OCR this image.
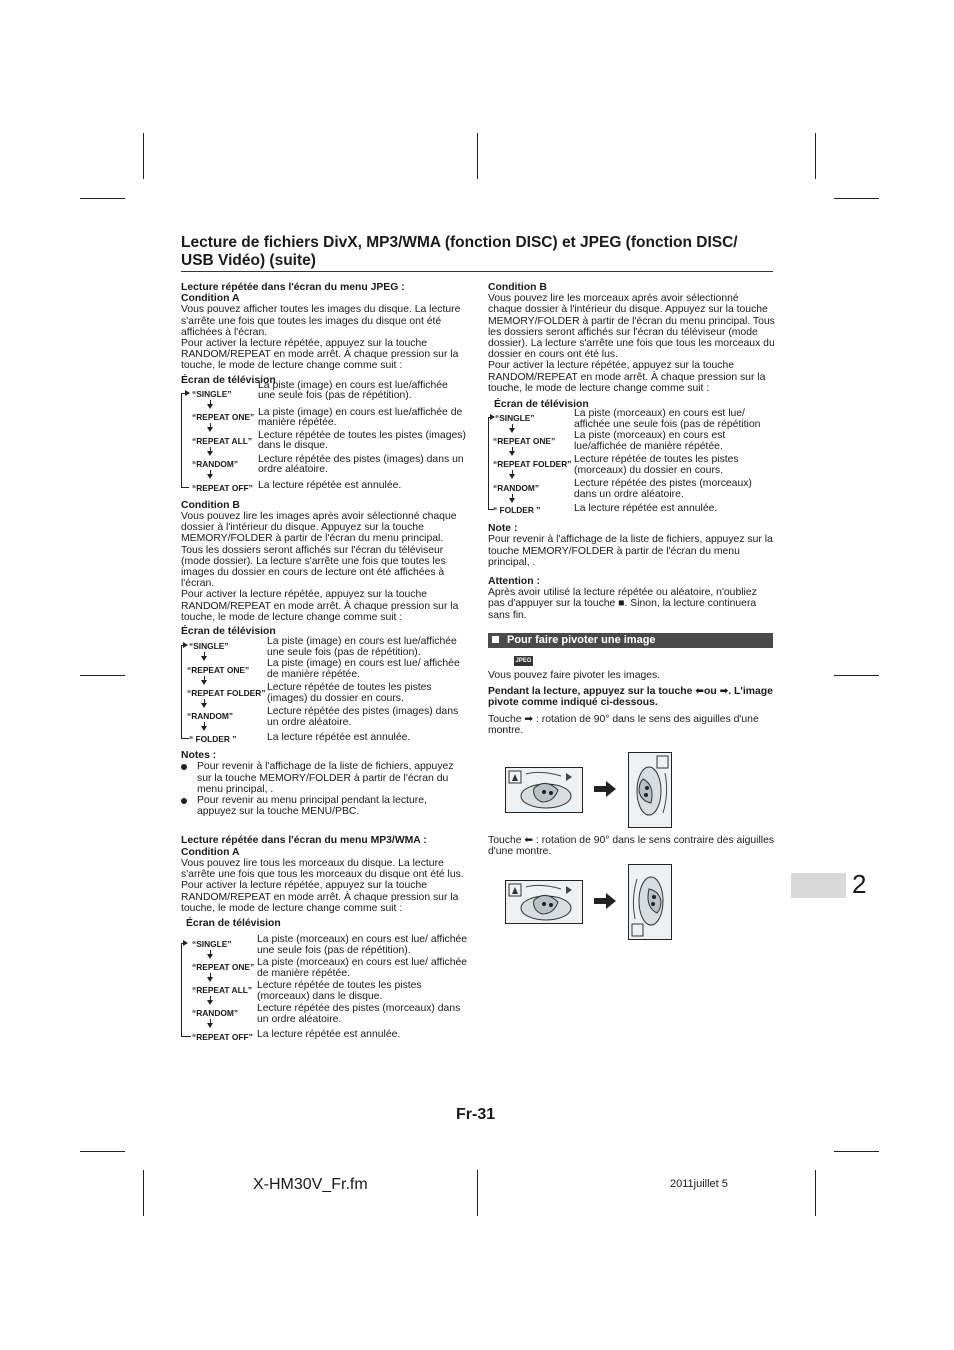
Lecture de fichiers DivX, MP3/WMA (fonction DISC) et JPEG (fonction DISC/ USB Vidéo) (suite)

Lecture répétée dans l'écran du menu JPEG :

Condition A

Vous pouvez afficher toutes les images du disque. La lecture s'arrête une fois que toutes les images du disque ont été affichées à l'écran.

Pour activer la lecture répétée, appuyez sur la touche RANDOM/REPEAT en mode arrêt. À chaque pression sur la touche, le mode de lecture change comme suit :

Écran de télévision

“SINGLE”
La piste (image) en cours est lue/affichée une seule fois (pas de répétition).
“REPEAT ONE” La piste (image) en cours est lue/affichée de manière répétée.
“REPEAT ALL” Lecture répétée de toutes les pistes (images) dans le disque.
“RANDOM” Lecture répétée des pistes (images) dans un ordre aléatoire.
“REPEAT OFF” La lecture répétée est annulée.

Condition B

Vous pouvez lire les images après avoir sélectionné chaque dossier à l'intérieur du disque. Appuyez sur la touche MEMORY/FOLDER à partir de l'écran du menu principal. Tous les dossiers seront affichés sur l'écran du téléviseur (mode dossier). La lecture s'arrête une fois que toutes les images du dossier en cours de lecture ont été affichées à l'écran.

Pour activer la lecture répétée, appuyez sur la touche RANDOM/REPEAT en mode arrêt. À chaque pression sur la touche, le mode de lecture change comme suit :

Écran de télévision

“SINGLE”	La piste (image) en cours est lue/affichée une seule fois (pas de répétition).
“REPEAT ONE”
La piste (image) en cours est lue/ affichée de manière répétée.
“REPEAT FOLDER” Lecture répétée de toutes les pistes (images) du dossier en cours.
“RANDOM”	Lecture répétée des pistes (images) dans un ordre aléatoire.
“ FOLDER ”	La lecture répétée est annulée.

Notes :

Pour revenir à l'affichage de la liste de fichiers, appuyez sur la touche MEMORY/FOLDER à partir de l'écran du menu principal, .
Pour revenir au menu principal pendant la lecture, appuyez sur la touche MENU/PBC.

Lecture répétée dans l'écran du menu MP3/WMA :

Condition A

Vous pouvez lire tous les morceaux du disque. La lecture s'arrête une fois que tous les morceaux du disque ont été lus.

Pour activer la lecture répétée, appuyez sur la touche RANDOM/REPEAT en mode arrêt. À chaque pression sur la touche, le mode de lecture change comme suit :

Écran de télévision

“SINGLE” La piste (morceaux) en cours est lue/ affichée une seule fois (pas de répétition).
“REPEAT ONE” La piste (morceaux) en cours est lue/ affichée de manière répétée.
“REPEAT ALL” Lecture répétée de toutes les pistes (morceaux) dans le disque.
“RANDOM” Lecture répétée des pistes (morceaux) dans un ordre aléatoire.
“REPEAT OFF” La lecture répétée est annulée.

Condition B

Vous pouvez lire les morceaux après avoir sélectionné chaque dossier à l'intérieur du disque. Appuyez sur la touche MEMORY/FOLDER à partir de l'écran du menu principal. Tous les dossiers seront affichés sur l'écran du téléviseur (mode dossier). La lecture s'arrête une fois que tous les morceaux du dossier en cours ont été lus.

Pour activer la lecture répétée, appuyez sur la touche RANDOM/REPEAT en mode arrêt. À chaque pression sur la touche, le mode de lecture change comme suit :

Écran de télévision

“SINGLE”	La piste (morceaux) en cours est lue/ affichée une seule fois (pas de répétition
“REPEAT ONE” La piste (morceaux) en cours est lue/affichée de manière répétée.
“REPEAT FOLDER” Lecture répétée de toutes les pistes (morceaux) du dossier en cours.
“RANDOM”	Lecture répétée des pistes (morceaux) dans un ordre aléatoire.
“ FOLDER ”	La lecture répétée est annulée.

Note :

Pour revenir à l'affichage de la liste de fichiers, appuyez sur la touche MEMORY/FOLDER à partir de l'écran du menu principal, .

Attention :

Après avoir utilisé la lecture répétée ou aléatoire, n'oubliez pas d'appuyer sur la touche ■. Sinon, la lecture continuera sans fin.

Pour faire pivoter une image
JPEG

Vous pouvez faire pivoter les images.

Pendant la lecture, appuyez sur la touche ⬅ou ➡. L'image pivote comme indiqué ci-dessous.

Touche ➡ : rotation de 90° dans le sens des aiguilles d'une montre.

Touche ⬅ : rotation de 90° dans le sens contraire des aiguilles d'une montre.

2
Fr-31
X-HM30V_Fr.fm	2011juillet 5
